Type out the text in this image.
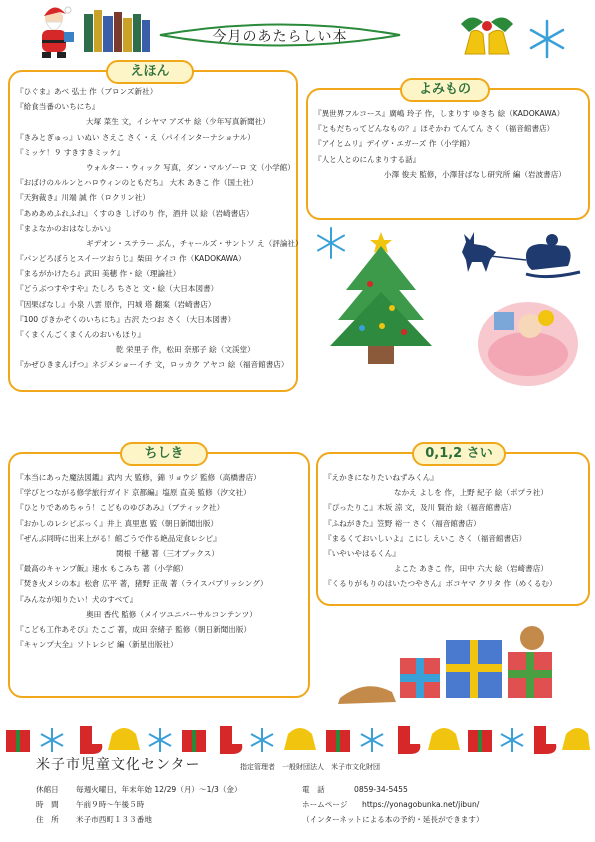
今月のあたらしい本
えほん
『ひぐま』あべ 弘士 作（ブロンズ新社）
『給食当番のいちにち』
大塚 菜生 文，イシヤマ アズサ 絵（少年写真新聞社）
『きみとぎゅっ』いぬい さえこ さく・え（パイインターナショナル）
『ミッケ！９ すきすきミッケ』
ウォルター・ウィック 写真，ダン・マルゾーロ 文（小学館）
『おばけのルルンとハロウィンのともだち』 大木 あきこ 作（国土社）
『天狗裁き』川端 誠 作（ロクリン社）
『あめあめふれふれ』くすのき しげのり 作，酒井 以 絵（岩崎書店）
『まよなかのおはなしかい』
ギデオン・ステラー ぶん，チャールズ・サントソ え（評論社）
『パンどろぼうとスイーツおうじ』柴田 ケイコ 作（KADOKAWA）
『まるがかけたら』武田 美穂 作・絵（理論社）
『どうぶつすやすや』たしろ ちさと 文・絵（大日本図書）
『因果ばなし』小泉 八雲 原作，円城 塔 翻案（岩崎書店）
『100 ぴきかぞくのいちにち』古沢 たつお さく（大日本図書）
『くまくんごくまくんのおいもほり』
乾 栄里子 作，松田 奈那子 絵（文渓堂）
『かぜひきまんげつ』ネジメショーイチ 文，ロッカク アヤコ 絵（福音館書店）
よみもの
『異世界フルコース』廣嶋 玲子 作，しまりす ゆきち 絵（KADOKAWA）
『ともだちってどんなもの？』ほそかわ てんてん さく（福音館書店）
『アイとムリ』デイヴ・エガーズ 作（小学館）
『人と人とのにんまりする話』
小澤 俊夫 監修，小澤昔ばなし研究所 編（岩波書店）
ちしき
『本当にあった魔法図鑑』武内 大 監修，錦 リョウジ 監修（高橋書店）
『学びとつながる修学旅行ガイド 京都編』塩原 直美 監修（汐文社）
『ひとりであめちゃう！こどものゆびあみ』（ブティック社）
『おかしのレシピぶっく』井上 真里恵 監（朝日新聞出版）
『ぜんぶ同時に出来上がる！館ごうで作る絶品定食レシピ』
関根 千穂 著（三才ブックス）
『最高のキャンプ飯』速水 もこみち 著（小学館）
『焚き火メシの本』松倉 広平 著，猪野 正哉 著（ライスパブリッシング）
『みんなが知りたい！犬のすべて』
奥田 香代 監修（メイツユニバーサルコンテンツ）
『こども工作あそび』たこご 著，成田 奈緒子 監修（朝日新聞出版）
『キャンプ大全』ソトレシピ 編（新星出版社）
0,1,2 さい
『えかきになりたいねずみくん』
なかえ よしを 作，上野 紀子 絵（ポプラ社）
『ぴったりこ』木坂 涼 文，及川 賢治 絵（福音館書店）
『ふねがきた』笠野 裕一 さく（福音館書店）
『まるくておいしいよ』こにし えいこ さく（福音館書店）
『いやいやはるくん』
よこた あきこ 作，田中 六大 絵（岩崎書店）
『くるりがもりのはいたつやさん』ボコヤマ クリタ 作（めくるむ）
米子市児童文化センター	指定管理者　一般財団法人　米子市文化財団
休館日 毎週火曜日，年末年始 12/29（月）～1/3（金）
時　間 午前９時～午後５時
住　所 米子市西町１３３番地
電　話	0859-34-5455
ホームページ https://yonagobunka.net/jibun/
（インターネットによる本の予約・延長ができます）
